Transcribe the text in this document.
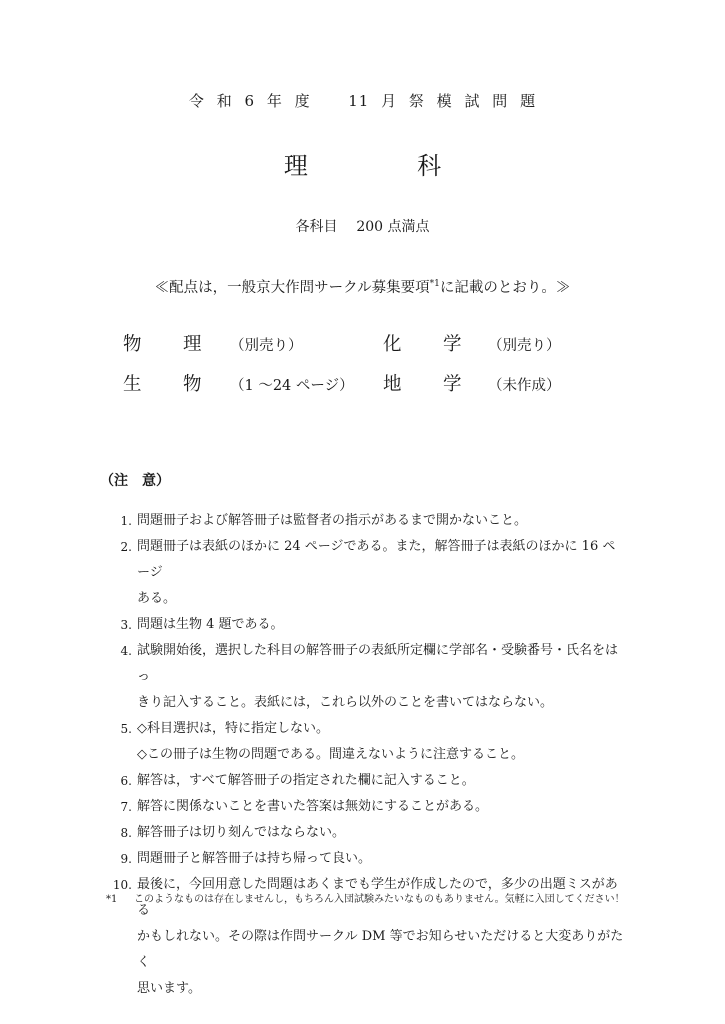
令 和 6 年 度	11 月 祭 模 試 問 題
理	科
各科目 200 点満点
≪配点は，一般京大作問サークル募集要項$^{*1}$に記載のとおり。≫
物 理 （別売り）	化 学 （別売り）
生 物 （1 ～24 ページ） 地 学 （未作成）
（注　意）
1. 問題冊子および解答冊子は監督者の指示があるまで開かないこと。
2. 問題冊子は表紙のほかに 24 ページである。また，解答冊子は表紙のほかに 16 ページ
ある。
3. 問題は生物 4 題である。
4. 試験開始後，選択した科目の解答冊子の表紙所定欄に学部名・受験番号・氏名をはっ
きり記入すること。表紙には，これら以外のことを書いてはならない。
5. ◇科目選択は，特に指定しない。
◇この冊子は生物の問題である。間違えないように注意すること。
6. 解答は，すべて解答冊子の指定された欄に記入すること。
7. 解答に関係ないことを書いた答案は無効にすることがある。
8. 解答冊子は切り刻んではならない。
9. 問題冊子と解答冊子は持ち帰って良い。
10. 最後に，今回用意した問題はあくまでも学生が作成したので，多少の出題ミスがある
かもしれない。その際は作問サークル DM 等でお知らせいただけると大変ありがたく
思います。
*1 このようなものは存在しませんし，もちろん入団試験みたいなものもありません。気軽に入団してください！
